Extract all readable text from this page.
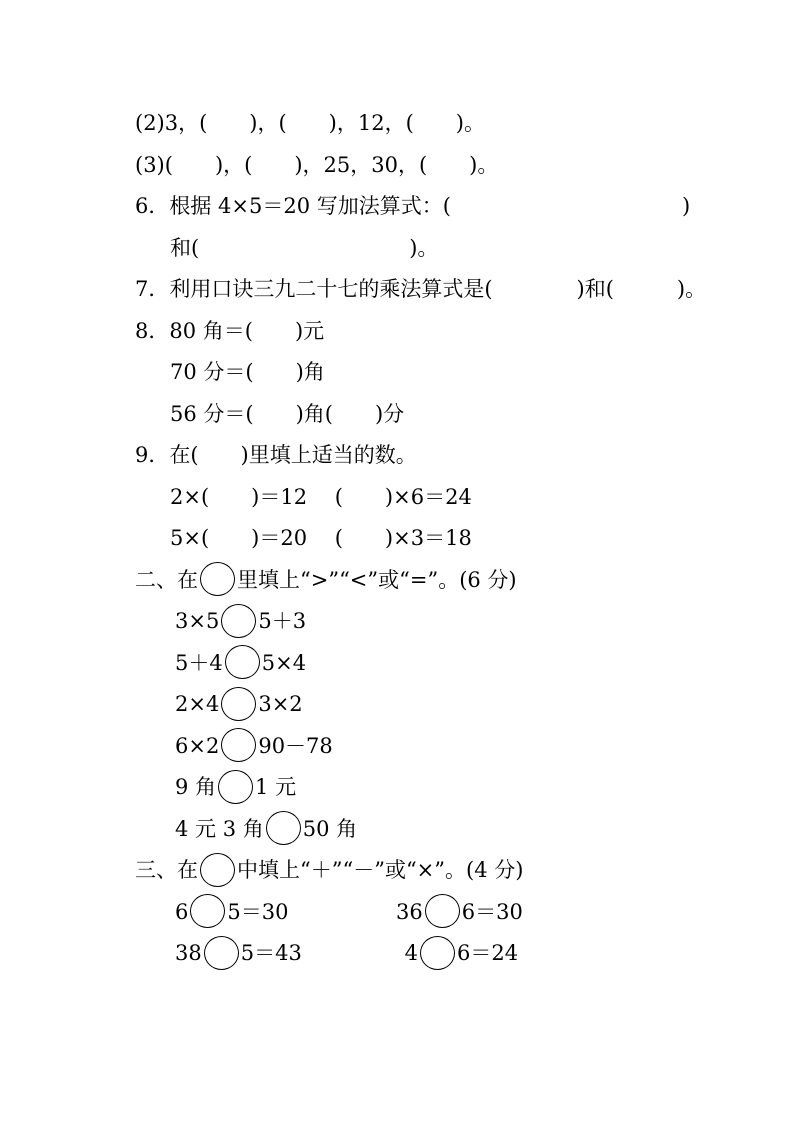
(2)3，(　　)，(　　)，12，(　　)。
(3)(　　)，(　　)，25，30，(　　)。
6．根据 4×5＝20 写加法算式：(　　　　　　　　　　　)
和(　　　　　　　　　　)。
7．利用口诀三九二十七的乘法算式是(　　　　)和(　　　)。
8．80 角＝(　　)元
70 分＝(　　)角
56 分＝(　　)角(　　)分
9．在(　　)里填上适当的数。
2×(　　)＝12　 (　　)×6＝24
5×(　　)＝20　 (　　)×3＝18
二、在 里填上“>”“<”或“=”。(6 分)
3×5 5＋3
5＋4 5×4
2×4 3×2
6×2 90－78
9 角 1 元
4 元 3 角 50 角
三、在 中填上“＋”“－”或“×”。(4 分)
6 5＝30	36 6＝30
38 5＝43	4 6＝24
